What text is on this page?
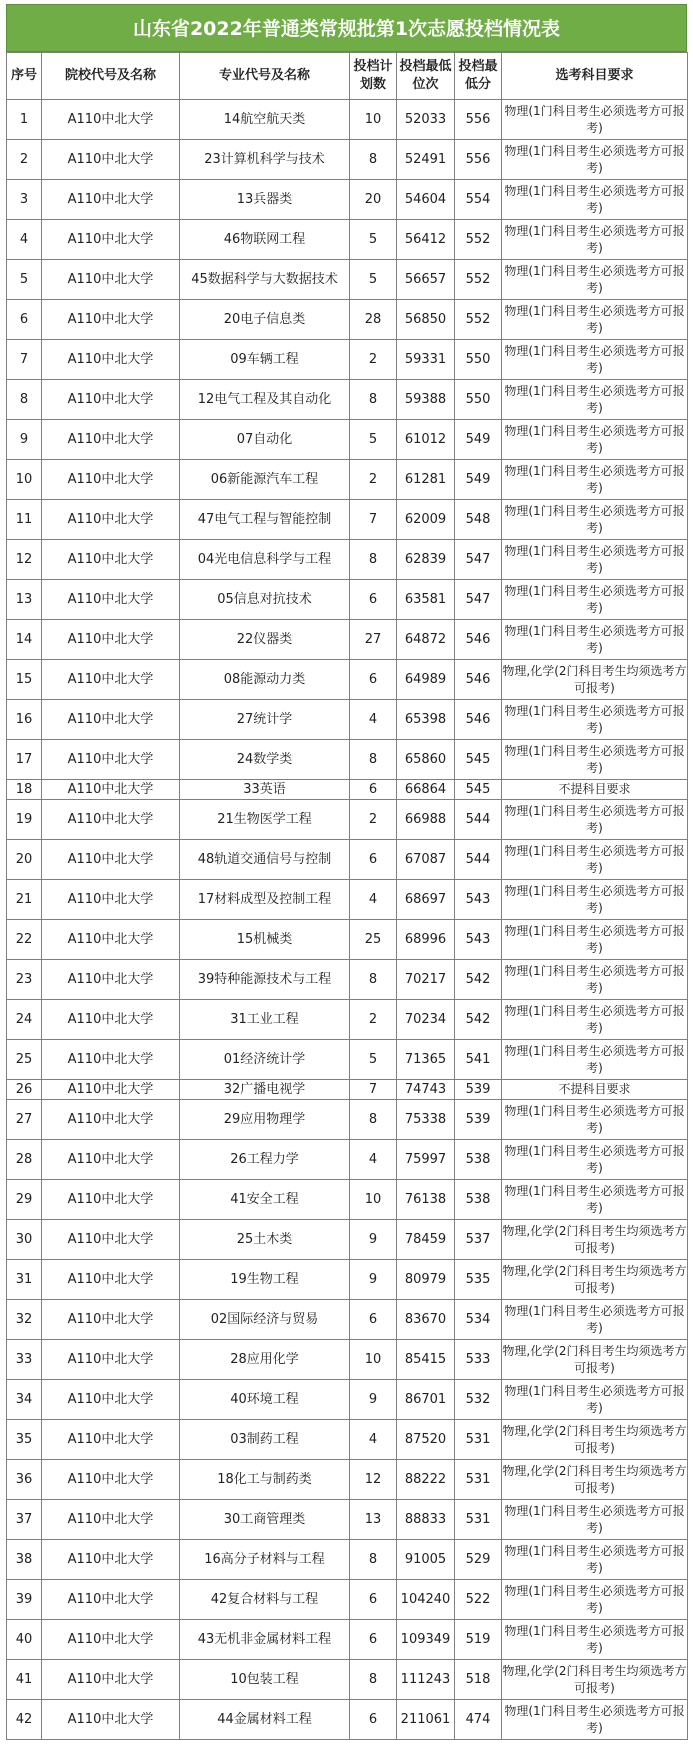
山东省2022年普通类常规批第1次志愿投档情况表
序号	院校代号及名称	专业代号及名称	投档计划数	投档最低位次	投档最低分	选考科目要求
1	A110中北大学	14航空航天类	10	52033	556	物理(1门科目考生必须选考方可报考)
2	A110中北大学	23计算机科学与技术	8	52491	556	物理(1门科目考生必须选考方可报考)
3	A110中北大学	13兵器类	20	54604	554	物理(1门科目考生必须选考方可报考)
4	A110中北大学	46物联网工程	5	56412	552	物理(1门科目考生必须选考方可报考)
5	A110中北大学	45数据科学与大数据技术	5	56657	552	物理(1门科目考生必须选考方可报考)
6	A110中北大学	20电子信息类	28	56850	552	物理(1门科目考生必须选考方可报考)
7	A110中北大学	09车辆工程	2	59331	550	物理(1门科目考生必须选考方可报考)
8	A110中北大学	12电气工程及其自动化	8	59388	550	物理(1门科目考生必须选考方可报考)
9	A110中北大学	07自动化	5	61012	549	物理(1门科目考生必须选考方可报考)
10	A110中北大学	06新能源汽车工程	2	61281	549	物理(1门科目考生必须选考方可报考)
11	A110中北大学	47电气工程与智能控制	7	62009	548	物理(1门科目考生必须选考方可报考)
12	A110中北大学	04光电信息科学与工程	8	62839	547	物理(1门科目考生必须选考方可报考)
13	A110中北大学	05信息对抗技术	6	63581	547	物理(1门科目考生必须选考方可报考)
14	A110中北大学	22仪器类	27	64872	546	物理(1门科目考生必须选考方可报考)
15	A110中北大学	08能源动力类	6	64989	546	物理,化学(2门科目考生均须选考方可报考)
16	A110中北大学	27统计学	4	65398	546	物理(1门科目考生必须选考方可报考)
17	A110中北大学	24数学类	8	65860	545	物理(1门科目考生必须选考方可报考)
18	A110中北大学	33英语	6	66864	545	不提科目要求
19	A110中北大学	21生物医学工程	2	66988	544	物理(1门科目考生必须选考方可报考)
20	A110中北大学	48轨道交通信号与控制	6	67087	544	物理(1门科目考生必须选考方可报考)
21	A110中北大学	17材料成型及控制工程	4	68697	543	物理(1门科目考生必须选考方可报考)
22	A110中北大学	15机械类	25	68996	543	物理(1门科目考生必须选考方可报考)
23	A110中北大学	39特种能源技术与工程	8	70217	542	物理(1门科目考生必须选考方可报考)
24	A110中北大学	31工业工程	2	70234	542	物理(1门科目考生必须选考方可报考)
25	A110中北大学	01经济统计学	5	71365	541	物理(1门科目考生必须选考方可报考)
26	A110中北大学	32广播电视学	7	74743	539	不提科目要求
27	A110中北大学	29应用物理学	8	75338	539	物理(1门科目考生必须选考方可报考)
28	A110中北大学	26工程力学	4	75997	538	物理(1门科目考生必须选考方可报考)
29	A110中北大学	41安全工程	10	76138	538	物理(1门科目考生必须选考方可报考)
30	A110中北大学	25土木类	9	78459	537	物理,化学(2门科目考生均须选考方可报考)
31	A110中北大学	19生物工程	9	80979	535	物理,化学(2门科目考生均须选考方可报考)
32	A110中北大学	02国际经济与贸易	6	83670	534	物理(1门科目考生必须选考方可报考)
33	A110中北大学	28应用化学	10	85415	533	物理,化学(2门科目考生均须选考方可报考)
34	A110中北大学	40环境工程	9	86701	532	物理(1门科目考生必须选考方可报考)
35	A110中北大学	03制药工程	4	87520	531	物理,化学(2门科目考生均须选考方可报考)
36	A110中北大学	18化工与制药类	12	88222	531	物理,化学(2门科目考生均须选考方可报考)
37	A110中北大学	30工商管理类	13	88833	531	物理(1门科目考生必须选考方可报考)
38	A110中北大学	16高分子材料与工程	8	91005	529	物理(1门科目考生必须选考方可报考)
39	A110中北大学	42复合材料与工程	6	104240	522	物理(1门科目考生必须选考方可报考)
40	A110中北大学	43无机非金属材料工程	6	109349	519	物理(1门科目考生必须选考方可报考)
41	A110中北大学	10包装工程	8	111243	518	物理,化学(2门科目考生均须选考方可报考)
42	A110中北大学	44金属材料工程	6	211061	474	物理(1门科目考生必须选考方可报考)
